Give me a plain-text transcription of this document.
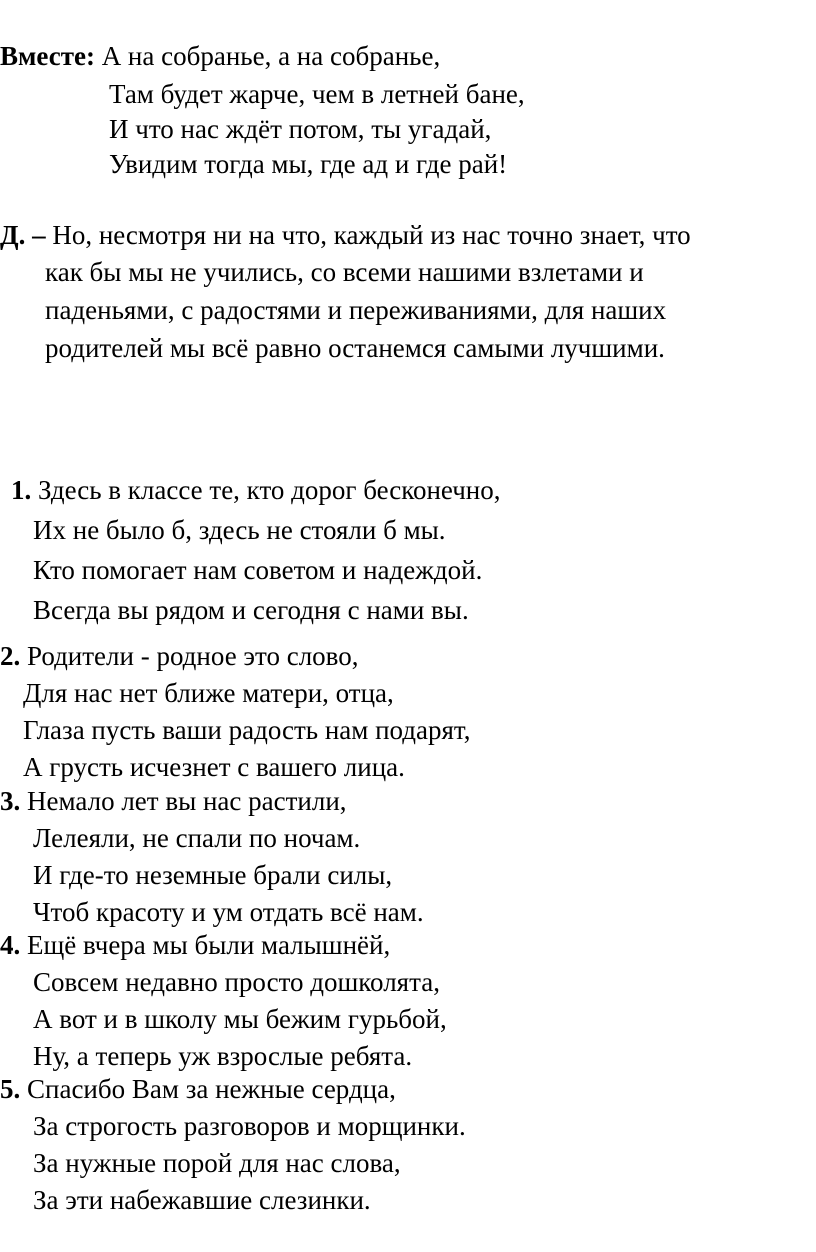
Вместе: А на собранье, а на собранье,
Там будет жарче, чем в летней бане,
И что нас ждёт потом, ты угадай,
Увидим тогда мы, где ад и где рай!
Д. – Но, несмотря ни на что, каждый из нас точно знает, что
как бы мы не учились, со всеми нашими взлетами и
паденьями, с радостями и переживаниями, для наших
родителей мы всё равно останемся самыми лучшими.
1. Здесь в классе те, кто дорог бесконечно,
Их не было б, здесь не стояли б мы.
Кто помогает нам советом и надеждой.
Всегда вы рядом и сегодня с нами вы.
2. Родители - родное это слово,
Для нас нет ближе матери, отца,
Глаза пусть ваши радость нам подарят,
А грусть исчезнет с вашего лица.
3. Немало лет вы нас растили,
Лелеяли, не спали по ночам.
И где-то неземные брали силы,
Чтоб красоту и ум отдать всё нам.
4. Ещё вчера мы были малышнёй,
Совсем недавно просто дошколята,
А вот и в школу мы бежим гурьбой,
Ну, а теперь уж взрослые ребята.
5. Спасибо Вам за нежные сердца,
За строгость разговоров и морщинки.
За нужные порой для нас слова,
За эти набежавшие слезинки.
